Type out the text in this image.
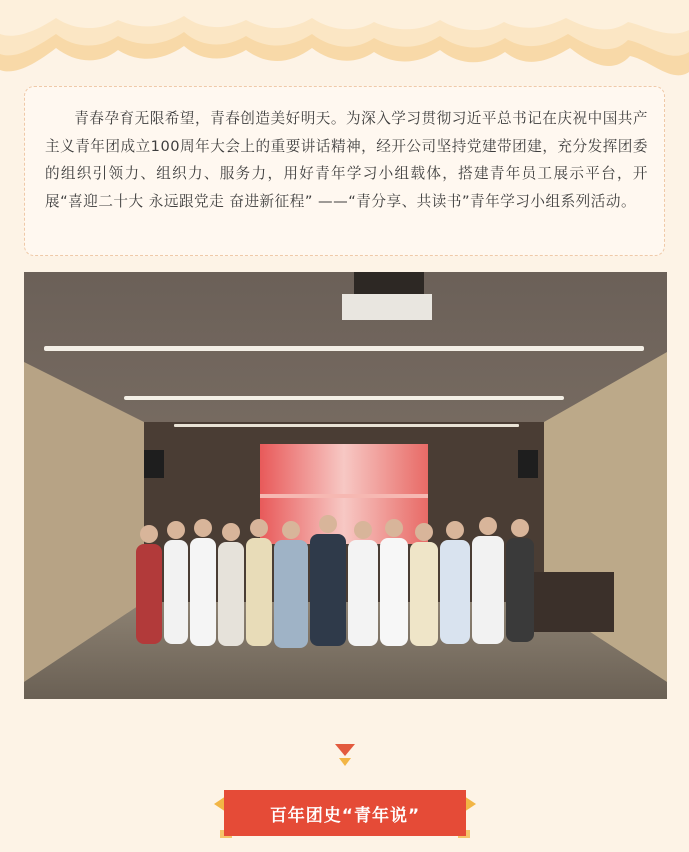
青春孕育无限希望，青春创造美好明天。为深入学习贯彻习近平总书记在庆祝中国共产主义青年团成立100周年大会上的重要讲话精神，经开公司坚持党建带团建，充分发挥团委的组织引领力、组织力、服务力，用好青年学习小组载体，搭建青年员工展示平台，开展“喜迎二十大 永远跟党走 奋进新征程” ——“青分享、共读书”青年学习小组系列活动。

百年团史“青年说”
